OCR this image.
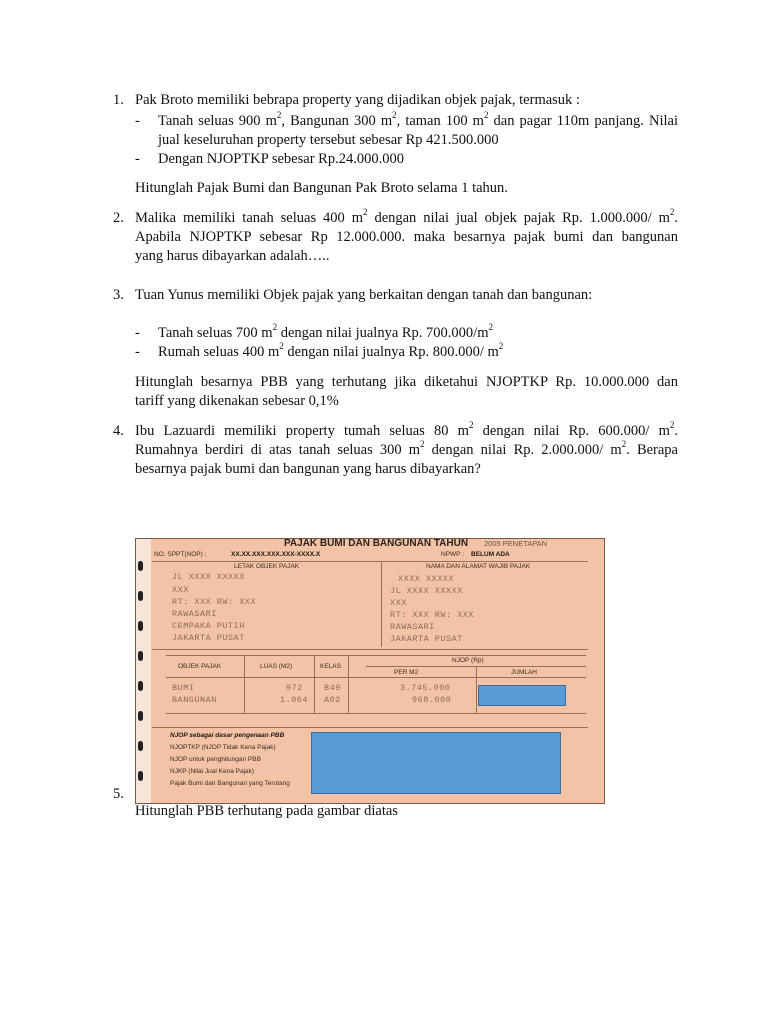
1. Pak Broto memiliki bebrapa property yang dijadikan objek pajak, termasuk :
- Tanah seluas 900 $m^2$, Bangunan 300 $m^2$, taman 100 $m^2$ dan pagar 110m panjang. Nilai
jual keseluruhan property tersebut sebesar Rp 421.500.000
- Dengan NJOPTKP sebesar Rp.24.000.000
Hitunglah Pajak Bumi dan Bangunan Pak Broto selama 1 tahun.
2. Malika memiliki tanah seluas 400 $m^2$ dengan nilai jual objek pajak Rp. 1.000.000/ $m^2$.
Apabila NJOPTKP sebesar Rp 12.000.000. maka besarnya pajak bumi dan bangunan
yang harus dibayarkan adalah…..
3. Tuan Yunus memiliki Objek pajak yang berkaitan dengan tanah dan bangunan:
- Tanah seluas 700 $m^2$ dengan nilai jualnya Rp. $700.000/m^2$
- Rumah seluas 400 $m^2$ dengan nilai jualnya Rp. 800.000/ $m^2$
Hitunglah besarnya PBB yang terhutang jika diketahui NJOPTKP Rp. 10.000.000 dan
tariff yang dikenakan sebesar 0,1%
4. Ibu Lazuardi memiliki property tumah seluas 80 $m^2$ dengan nilai Rp. 600.000/ $m^2$.
Rumahnya berdiri di atas tanah seluas 300 $m^2$ dengan nilai Rp. 2.000.000/ $m^2$. Berapa
besarnya pajak bumi dan bangunan yang harus dibayarkan?
PAJAK BUMI DAN BANGUNAN TAHUN 2005 PENETAPAN
NO. SPPT(NOP) :	XX.XX.XXX.XXX.XXX-XXXX.X	NPWP : BELUM ADA
LETAK OBJEK PAJAK	NAMA DAN ALAMAT WAJIB PAJAK
JL XXXX XXXXX
XXX
RT: XXX RW: XXX
RAWASARI
CEMPAKA PUTIH
JAKARTA PUSAT
XXXX XXXXX
JL XXXX XXXXX
XXX
RT: XXX RW: XXX
RAWASARI
JAKARTA PUSAT
OBJEK PAJAK	LUAS (M2)	KELAS
NJOP (Rp)
PER M2	JUMLAH
BUMI	972 B49	3.745.000
BANGUNAN	1.064 A02	968.000
NJOP sebagai dasar pengenaan PBB
NJOPTKP (NJOP Tidak Kena Pajak)
NJOP untuk penghitungan PBB
NJKP (Nilai Jual Kena Pajak)
Pajak Bumi dan Bangunan yang Terutang
5.
Hitunglah PBB terhutang pada gambar diatas
